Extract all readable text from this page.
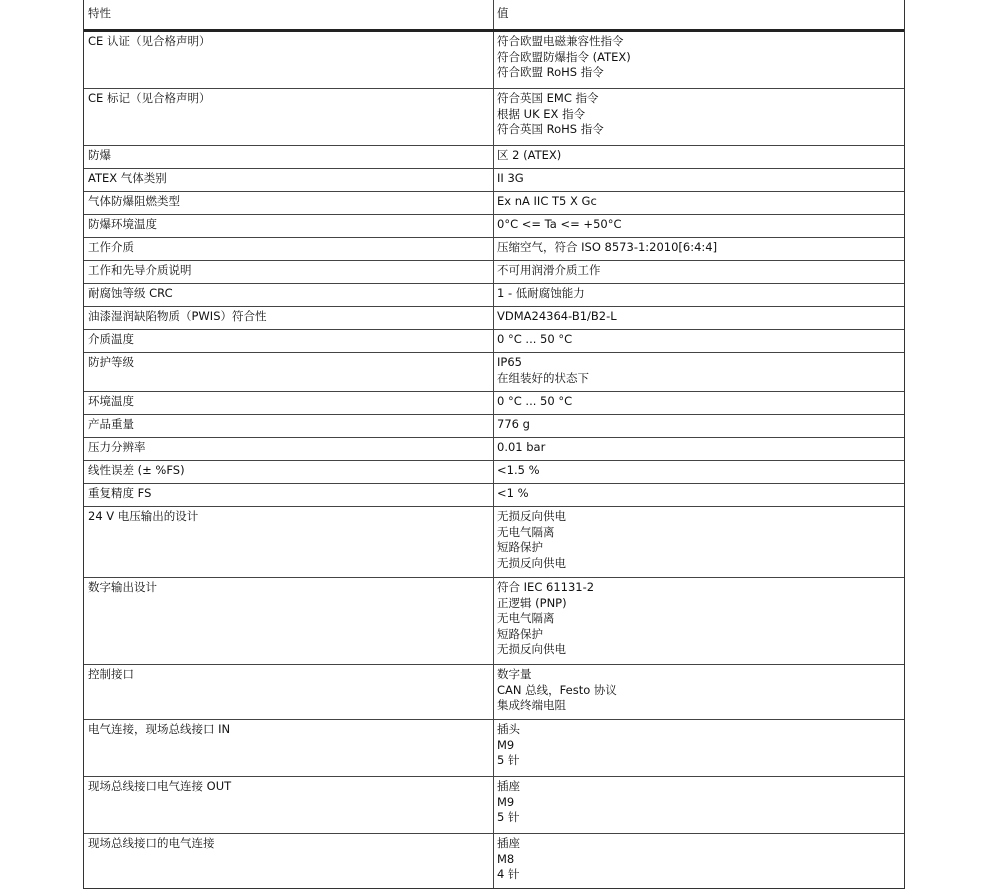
特性	值
CE 认证（见合格声明）	符合欧盟电磁兼容性指令
符合欧盟防爆指令 (ATEX)
符合欧盟 RoHS 指令
CE 标记（见合格声明）	符合英国 EMC 指令
根据 UK EX 指令
符合英国 RoHS 指令
防爆	区 2 (ATEX)
ATEX 气体类别	II 3G
气体防爆阻燃类型	Ex nA IIC T5 X Gc
防爆环境温度	0°C <= Ta <= +50°C
工作介质	压缩空气，符合 ISO 8573-1:2010[6:4:4]
工作和先导介质说明	不可用润滑介质工作
耐腐蚀等级 CRC	1 - 低耐腐蚀能力
油漆湿润缺陷物质（PWIS）符合性	VDMA24364-B1/B2-L
介质温度	0 °C ... 50 °C
防护等级	IP65
在组装好的状态下
环境温度	0 °C ... 50 °C
产品重量	776 g
压力分辨率	0.01 bar
线性误差 (± %FS)	<1.5 %
重复精度 FS	<1 %
24 V 电压输出的设计	无损反向供电
无电气隔离
短路保护
无损反向供电
数字输出设计	符合 IEC 61131-2
正逻辑 (PNP)
无电气隔离
短路保护
无损反向供电
控制接口	数字量
CAN 总线，Festo 协议
集成终端电阻
电气连接，现场总线接口 IN	插头
M9
5 针
现场总线接口电气连接 OUT	插座
M9
5 针
现场总线接口的电气连接	插座
M8
4 针
